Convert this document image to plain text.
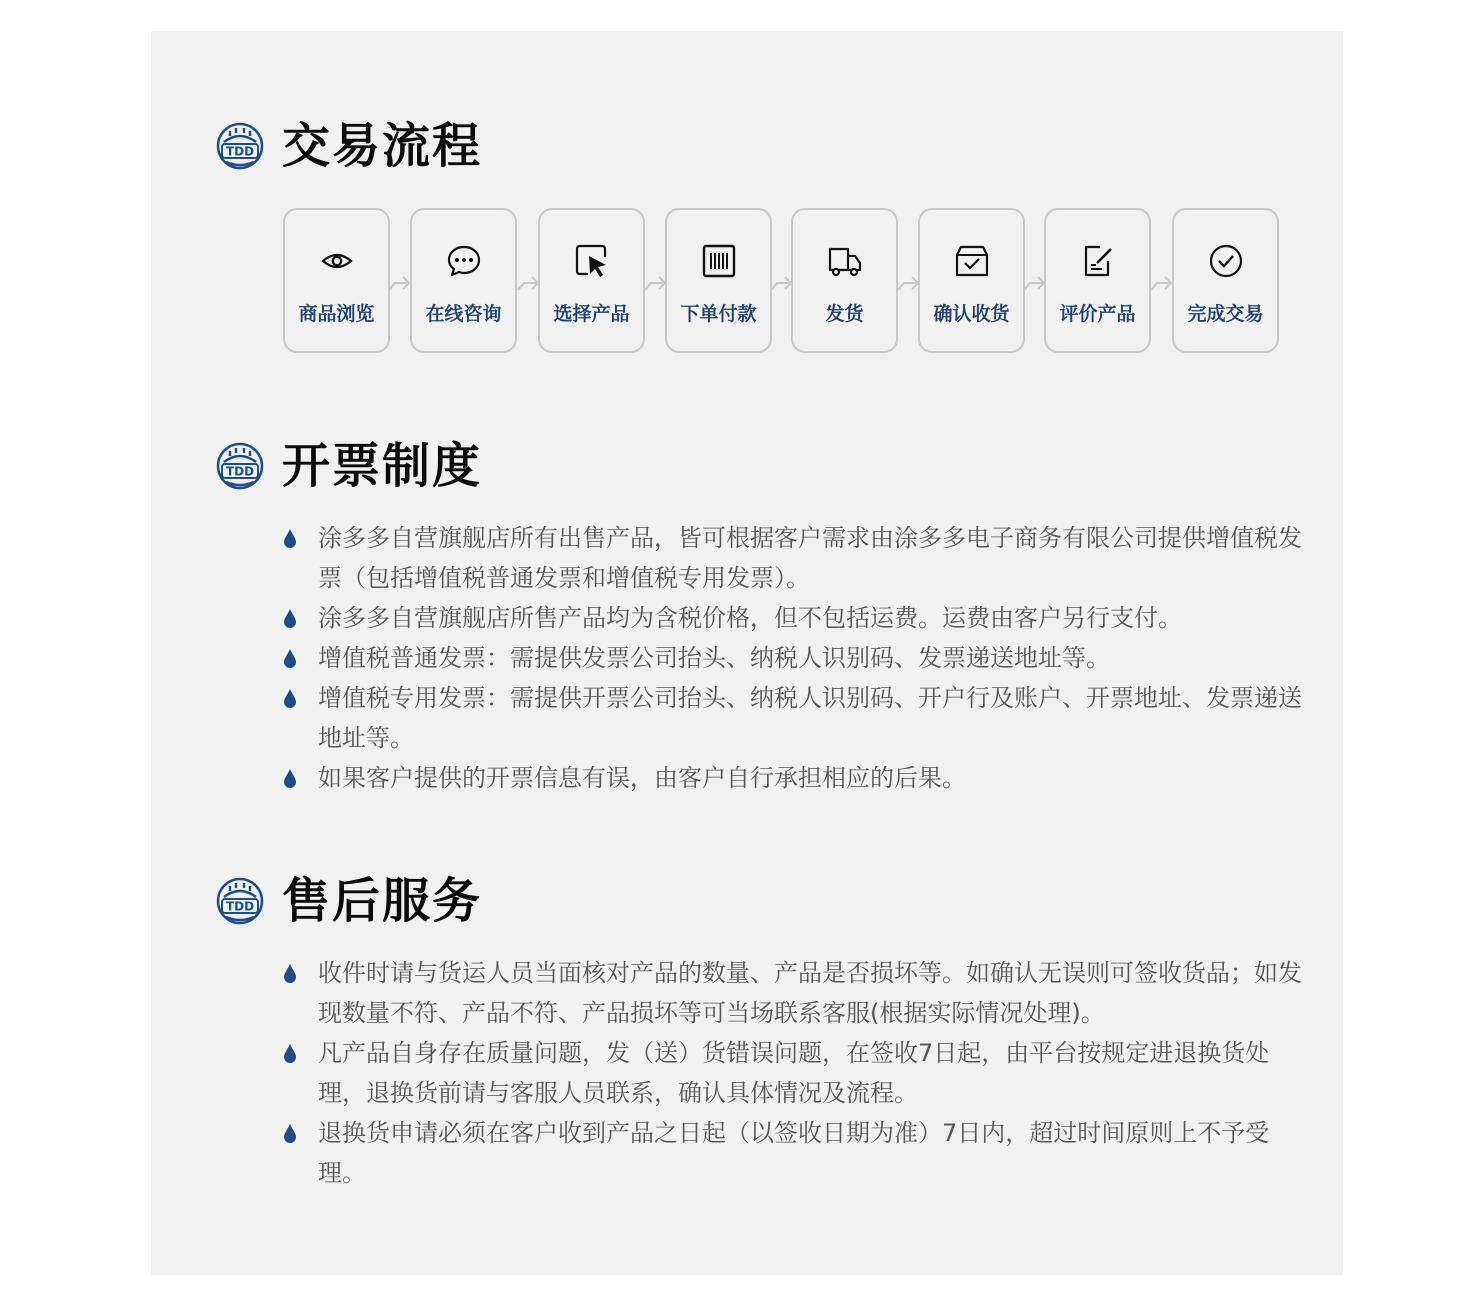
TDD 交易流程
商品浏览	在线咨询	选择产品	下单付款	发货	确认收货	评价产品	完成交易
TDD 开票制度
涂多多自营旗舰店所有出售产品，皆可根据客户需求由涂多多电子商务有限公司提供增值税发票（包括增值税普通发票和增值税专用发票）。
涂多多自营旗舰店所售产品均为含税价格，但不包括运费。运费由客户另行支付。
增值税普通发票：需提供发票公司抬头、纳税人识别码、发票递送地址等。
增值税专用发票：需提供开票公司抬头、纳税人识别码、开户行及账户、开票地址、发票递送地址等。
如果客户提供的开票信息有误，由客户自行承担相应的后果。
TDD 售后服务
收件时请与货运人员当面核对产品的数量、产品是否损坏等。如确认无误则可签收货品；如发现数量不符、产品不符、产品损坏等可当场联系客服(根据实际情况处理)。
凡产品自身存在质量问题，发（送）货错误问题，在签收7日起，由平台按规定进退换货处理，退换货前请与客服人员联系，确认具体情况及流程。
退换货申请必须在客户收到产品之日起（以签收日期为准）7日内，超过时间原则上不予受理。
